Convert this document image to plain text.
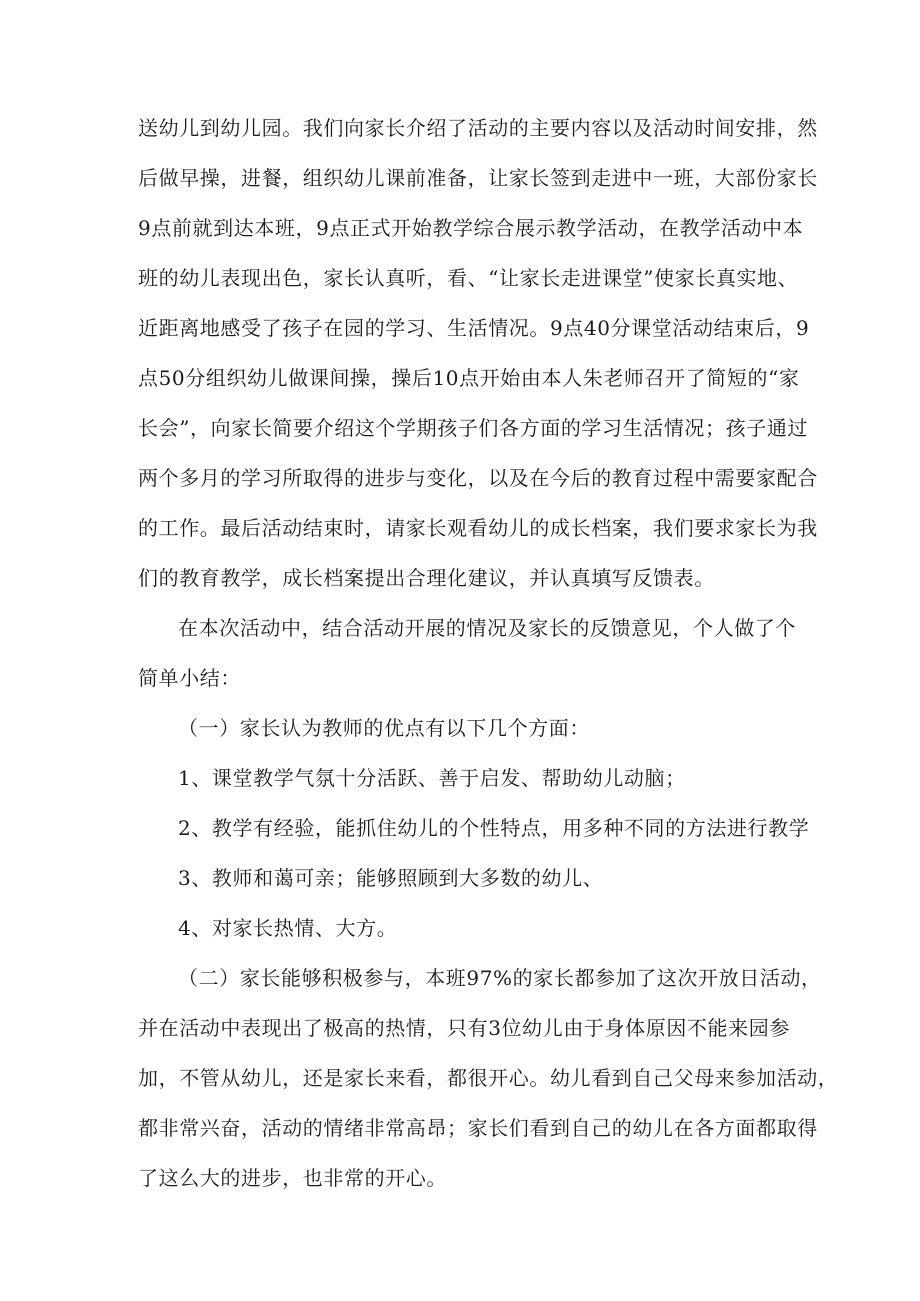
送幼儿到幼儿园。我们向家长介绍了活动的主要内容以及活动时间安排，然
后做早操，进餐，组织幼儿课前准备，让家长签到走进中一班，大部份家长
9点前就到达本班，9点正式开始教学综合展示教学活动，在教学活动中本
班的幼儿表现出色，家长认真听，看、“让家长走进课堂”使家长真实地、
近距离地感受了孩子在园的学习、生活情况。9点40分课堂活动结束后，9
点50分组织幼儿做课间操，操后10点开始由本人朱老师召开了简短的“家
长会”，向家长简要介绍这个学期孩子们各方面的学习生活情况；孩子通过
两个多月的学习所取得的进步与变化，以及在今后的教育过程中需要家配合
的工作。最后活动结束时，请家长观看幼儿的成长档案，我们要求家长为我
们的教育教学，成长档案提出合理化建议，并认真填写反馈表。
在本次活动中，结合活动开展的情况及家长的反馈意见，个人做了个
简单小结：
（一）家长认为教师的优点有以下几个方面：
1、课堂教学气氛十分活跃、善于启发、帮助幼儿动脑；
2、教学有经验，能抓住幼儿的个性特点，用多种不同的方法进行教学
3、教师和蔼可亲；能够照顾到大多数的幼儿、
4、对家长热情、大方。
（二）家长能够积极参与，本班97%的家长都参加了这次开放日活动，
并在活动中表现出了极高的热情，只有3位幼儿由于身体原因不能来园参
加，不管从幼儿，还是家长来看，都很开心。幼儿看到自己父母来参加活动，
都非常兴奋，活动的情绪非常高昂；家长们看到自己的幼儿在各方面都取得
了这么大的进步，也非常的开心。
